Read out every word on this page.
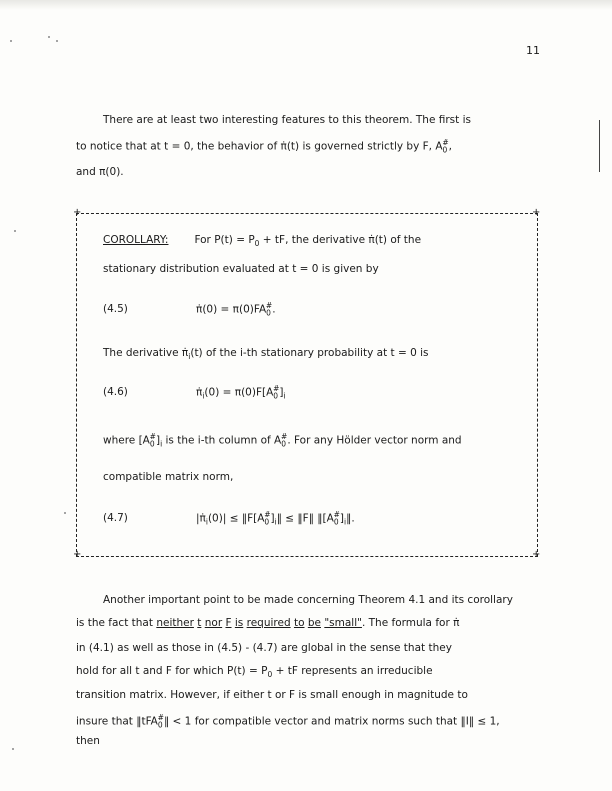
11
There are at least two interesting features to this theorem. The first is
to notice that at t = 0, the behavior of π̇(t) is governed strictly by F, $A_0^{\#}$,
and π(0).
+	+
+	+
COROLLARY: For $P(t) = P_0$ + tF, the derivative π̇(t) of the
stationary distribution evaluated at t = 0 is given by
(4.5)	π̇(0) = $\pi(0)FA_0^{\#}$.
The derivative $\pi̇_i(t)$ of the i-th stationary probability at t = 0 is
(4.6)	$\pi̇_i(0) = \pi(0)F[A_0^{\#}]_i$
where $[A_0^{\#}]_i$ is the i-th column of $A_0^{\#}$. For any Hölder vector norm and
compatible matrix norm,
(4.7)	$|\pi̇_i(0)|$ ≤ $‖F[A_0^{\#}]_i‖$ ≤ ‖F‖ $‖[A_0^{\#}]_i‖$.
Another important point to be made concerning Theorem 4.1 and its corollary
is the fact that neither t nor F is required to be "small". The formula for π̇
in (4.1) as well as those in (4.5) - (4.7) are global in the sense that they
hold for all t and F for which $P(t) = P_0$ + tF represents an irreducible
transition matrix. However, if either t or F is small enough in magnitude to
insure that ‖tFA$_0$#‖ < 1 for compatible vector and matrix norms such that ‖I‖ ≤ 1,
then
